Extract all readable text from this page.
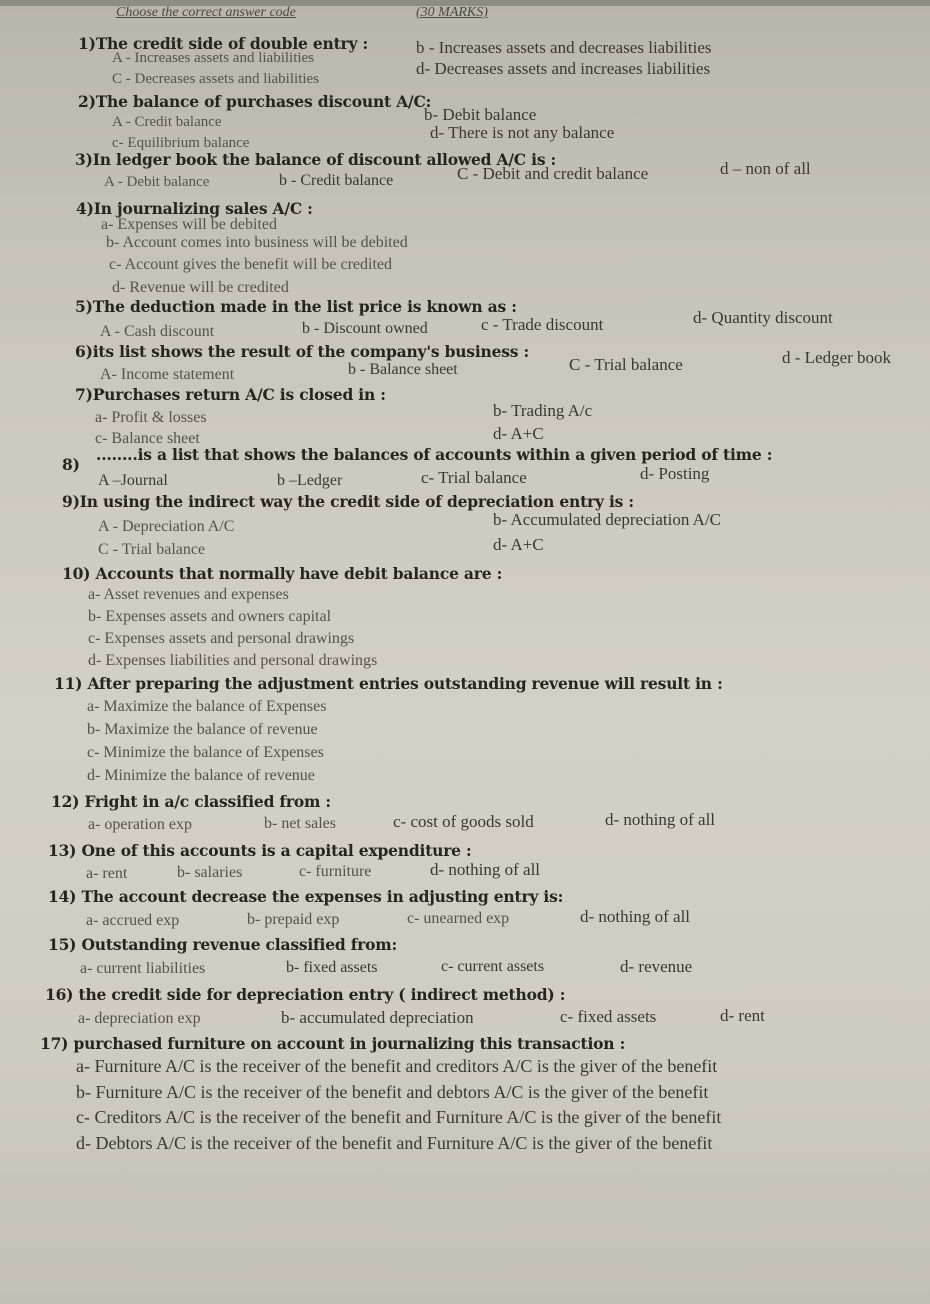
Choose the correct answer code	(30 MARKS)
1)The credit side of double entry :
A - Increases assets and liabilities
b - Increases assets and decreases liabilities
C - Decreases assets and liabilities
d- Decreases assets and increases liabilities
2)The balance of purchases discount A/C:
A - Credit balance	b- Debit balance
c- Equilibrium balance
d- There is not any balance
3)In ledger book the balance of discount allowed A/C is :
A - Debit balance	b - Credit balance	C - Debit and credit balance	d – non of all
4)In journalizing sales A/C :
a- Expenses will be debited
b- Account comes into business will be debited
c- Account gives the benefit will be credited
d- Revenue will be credited
5)The deduction made in the list price is known as :
A - Cash discount	b - Discount owned	c - Trade discount	d- Quantity discount
6)its list shows the result of the company's business :
A- Income statement	b - Balance sheet	C - Trial balance	d - Ledger book
7)Purchases return A/C is closed in :
a- Profit & losses	b- Trading A/c
c- Balance sheet	d- A+C
8)
........is a list that shows the balances of accounts within a given period of time :
A –Journal	b –Ledger	c- Trial balance	d- Posting
9)In using the indirect way the credit side of depreciation entry is :
A - Depreciation A/C	b- Accumulated depreciation A/C
C - Trial balance	d- A+C
10) Accounts that normally have debit balance are :
a- Asset revenues and expenses
b- Expenses assets and owners capital
c- Expenses assets and personal drawings
d- Expenses liabilities and personal drawings
11) After preparing the adjustment entries outstanding revenue will result in :
a- Maximize the balance of Expenses
b- Maximize the balance of revenue
c- Minimize the balance of Expenses
d- Minimize the balance of revenue
12) Fright in a/c classified from :
a- operation exp	b- net sales	c- cost of goods sold	d- nothing of all
13) One of this accounts is a capital expenditure :
a- rent	b- salaries	c- furniture	d- nothing of all
14) The account decrease the expenses in adjusting entry is:
a- accrued exp	b- prepaid exp	c- unearned exp	d- nothing of all
15) Outstanding revenue classified from:
a- current liabilities	b- fixed assets	c- current assets	d- revenue
16) the credit side for depreciation entry ( indirect method) :
a- depreciation exp	b- accumulated depreciation	c- fixed assets	d- rent
17) purchased furniture on account in journalizing this transaction :
a- Furniture A/C is the receiver of the benefit and creditors A/C is the giver of the benefit
b- Furniture A/C is the receiver of the benefit and debtors A/C is the giver of the benefit
c- Creditors A/C is the receiver of the benefit and Furniture A/C is the giver of the benefit
d- Debtors A/C is the receiver of the benefit and Furniture A/C is the giver of the benefit
